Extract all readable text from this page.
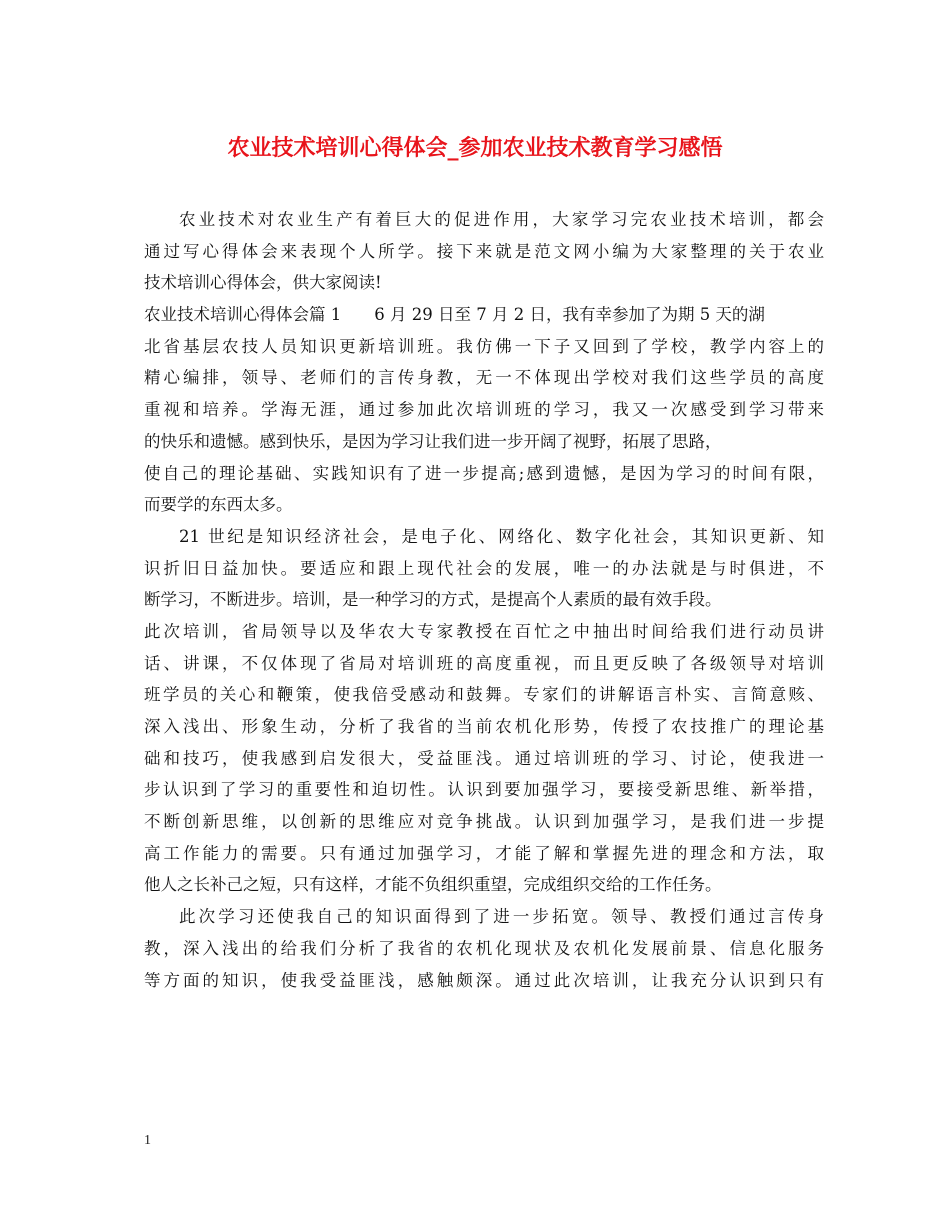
农业技术培训心得体会_参加农业技术教育学习感悟
农业技术对农业生产有着巨大的促进作用，大家学习完农业技术培训，都会
通过写心得体会来表现个人所学。接下来就是范文网小编为大家整理的关于农业
技术培训心得体会，供大家阅读!
农业技术培训心得体会篇 1　　6 月 29 日至 7 月 2 日，我有幸参加了为期 5 天的湖
北省基层农技人员知识更新培训班。我仿佛一下子又回到了学校，教学内容上的
精心编排，领导、老师们的言传身教，无一不体现出学校对我们这些学员的高度
重视和培养。学海无涯，通过参加此次培训班的学习，我又一次感受到学习带来
的快乐和遗憾。感到快乐，是因为学习让我们进一步开阔了视野，拓展了思路，
使自己的理论基础、实践知识有了进一步提高;感到遗憾，是因为学习的时间有限，
而要学的东西太多。
21 世纪是知识经济社会，是电子化、网络化、数字化社会，其知识更新、知
识折旧日益加快。要适应和跟上现代社会的发展，唯一的办法就是与时俱进，不
断学习，不断进步。培训，是一种学习的方式，是提高个人素质的最有效手段。
此次培训，省局领导以及华农大专家教授在百忙之中抽出时间给我们进行动员讲
话、讲课，不仅体现了省局对培训班的高度重视，而且更反映了各级领导对培训
班学员的关心和鞭策，使我倍受感动和鼓舞。专家们的讲解语言朴实、言简意赅、
深入浅出、形象生动，分析了我省的当前农机化形势，传授了农技推广的理论基
础和技巧，使我感到启发很大，受益匪浅。通过培训班的学习、讨论，使我进一
步认识到了学习的重要性和迫切性。认识到要加强学习，要接受新思维、新举措，
不断创新思维，以创新的思维应对竞争挑战。认识到加强学习，是我们进一步提
高工作能力的需要。只有通过加强学习，才能了解和掌握先进的理念和方法，取
他人之长补己之短，只有这样，才能不负组织重望，完成组织交给的工作任务。
此次学习还使我自己的知识面得到了进一步拓宽。领导、教授们通过言传身
教，深入浅出的给我们分析了我省的农机化现状及农机化发展前景、信息化服务
等方面的知识，使我受益匪浅，感触颇深。通过此次培训，让我充分认识到只有
1
